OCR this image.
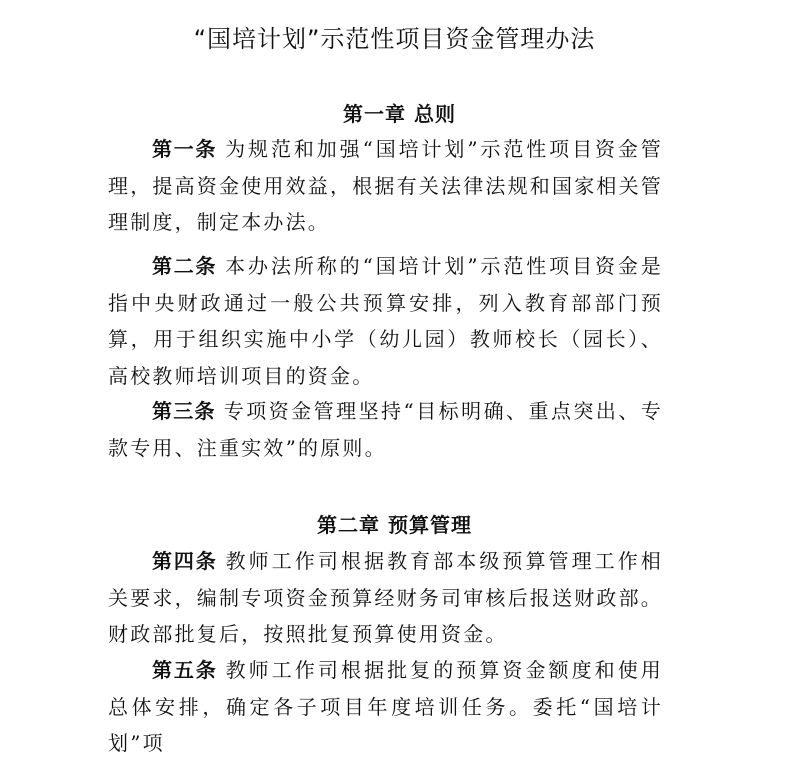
“国培计划”示范性项目资金管理办法
第一章 总则

第一条 为规范和加强“国培计划”示范性项目资金管理，提高资金使用效益，根据有关法律法规和国家相关管理制度，制定本办法。

第二条 本办法所称的“国培计划”示范性项目资金是指中央财政通过一般公共预算安排，列入教育部部门预算，用于组织实施中小学（幼儿园）教师校长（园长）、高校教师培训项目的资金。

第三条 专项资金管理坚持“目标明确、重点突出、专款专用、注重实效”的原则。

第二章 预算管理

第四条 教师工作司根据教育部本级预算管理工作相关要求，编制专项资金预算经财务司审核后报送财政部。财政部批复后，按照批复预算使用资金。

第五条 教师工作司根据批复的预算资金额度和使用总体安排，确定各子项目年度培训任务。委托“国培计划”项
